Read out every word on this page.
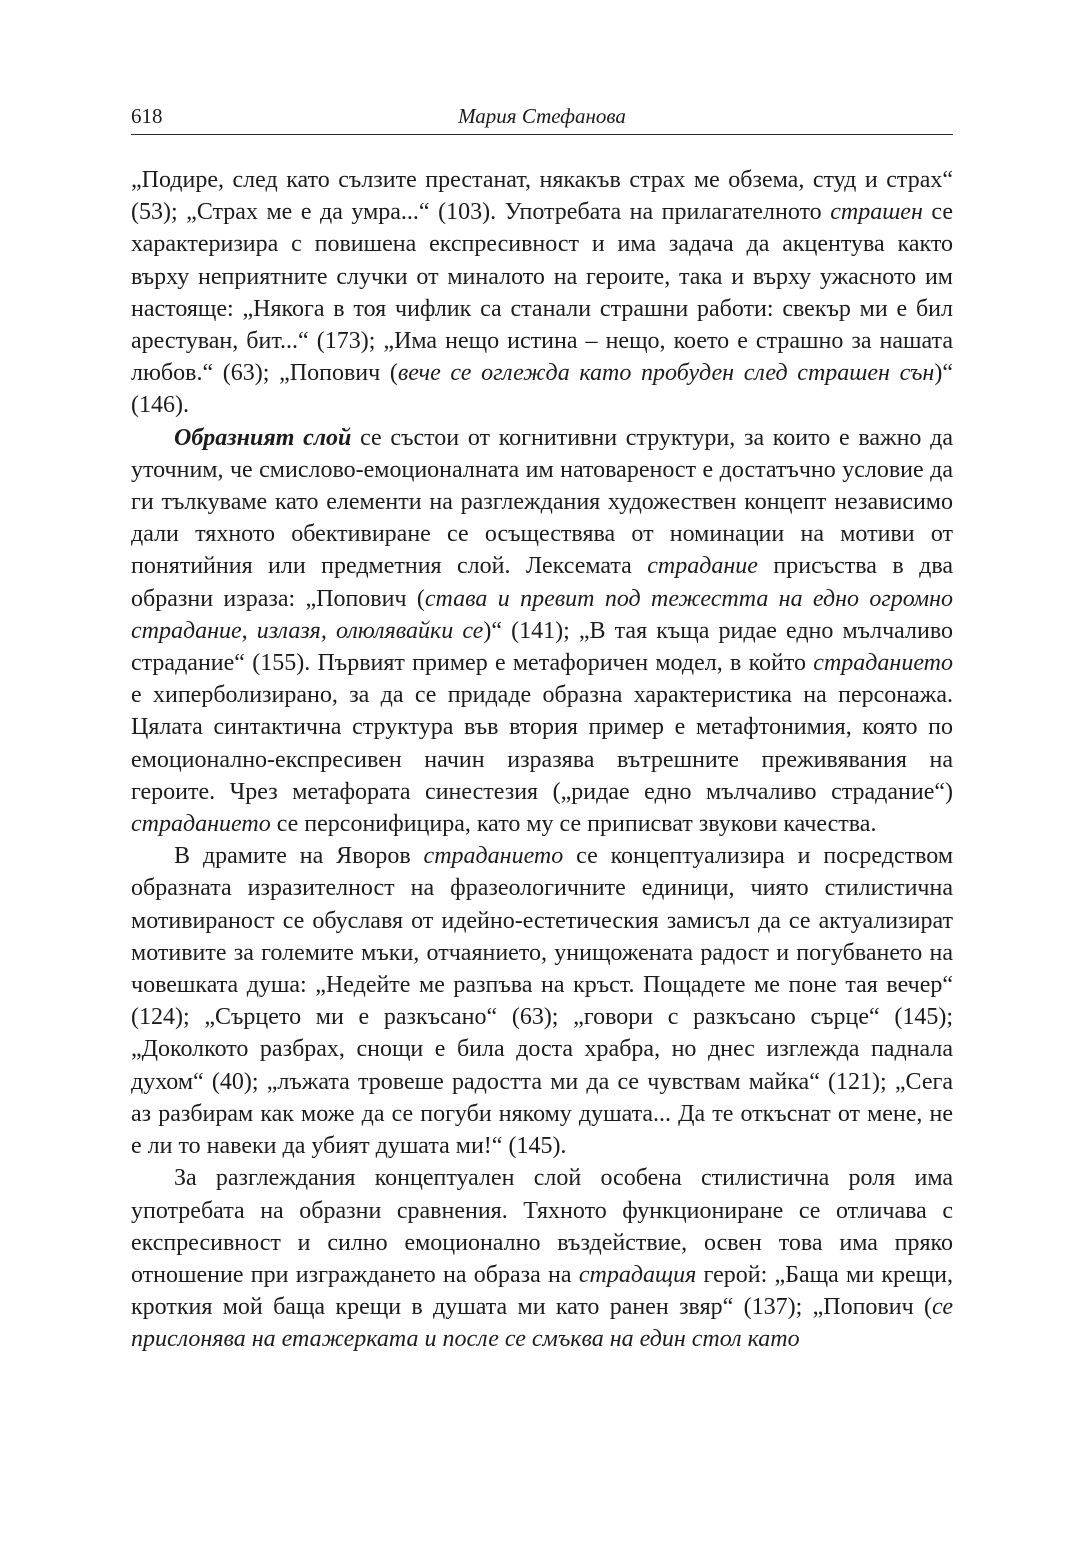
618	Мария Стефанова

„Подире, след като сълзите престанат, някакъв страх ме обзема, студ и страх“ (53); „Страх ме е да умра...“ (103). Употребата на прилагателното страшен се характеризира с повишена експресивност и има задача да акцентува както върху неприятните случки от миналото на героите, така и върху ужасното им настояще: „Някога в тоя чифлик са станали страшни работи: свекър ми е бил арестуван, бит...“ (173); „Има нещо истина – нещо, което е страшно за нашата любов.“ (63); „Попович (вече се оглежда като пробуден след страшен сън)“ (146).

Образният слой се състои от когнитивни структури, за които е важно да уточним, че смислово-емоционалната им натовареност е достатъчно условие да ги тълкуваме като елементи на разглеждания художествен концепт независимо дали тяхното обективиране се осъществява от номинации на мотиви от понятийния или предметния слой. Лексемата страдание присъства в два образни израза: „Попович (става и превит под тежестта на едно огромно страдание, излазя, олюлявайки се)“ (141); „В тая къща ридае едно мълчаливо страдание“ (155). Първият пример е метафоричен модел, в който страданието е хиперболизирано, за да се придаде образна характеристика на персонажа. Цялата синтактична структура във втория пример е метафтонимия, която по емоционално-експресивен начин изразява вътрешните преживявания на героите. Чрез метафората синестезия („ридае едно мълчаливо страдание“) страданието се персонифицира, като му се приписват звукови качества.

В драмите на Яворов страданието се концептуализира и посредством образната изразителност на фразеологичните единици, чиято стилистична мотивираност се обуславя от идейно-естетическия замисъл да се актуализират мотивите за големите мъки, отчаянието, унищожената радост и погубването на човешката душа: „Недейте ме разпъва на кръст. Пощадете ме поне тая вечер“ (124); „Сърцето ми е разкъсано“ (63); „говори с разкъсано сърце“ (145); „Доколкото разбрах, снощи е била доста храбра, но днес изглежда паднала духом“ (40); „лъжата тровеше радостта ми да се чувствам майка“ (121); „Сега аз разбирам как може да се погуби някому душата... Да те откъснат от мене, не е ли то навеки да убият душата ми!“ (145).

За разглеждания концептуален слой особена стилистична роля има употребата на образни сравнения. Тяхното функциониране се отличава с експресивност и силно емоционално въздействие, освен това има пряко отношение при изграждането на образа на страдащия герой: „Баща ми крещи, кроткия мой баща крещи в душата ми като ранен звяр“ (137); „Попович (се прислонява на етажерката и после се смъква на един стол като
